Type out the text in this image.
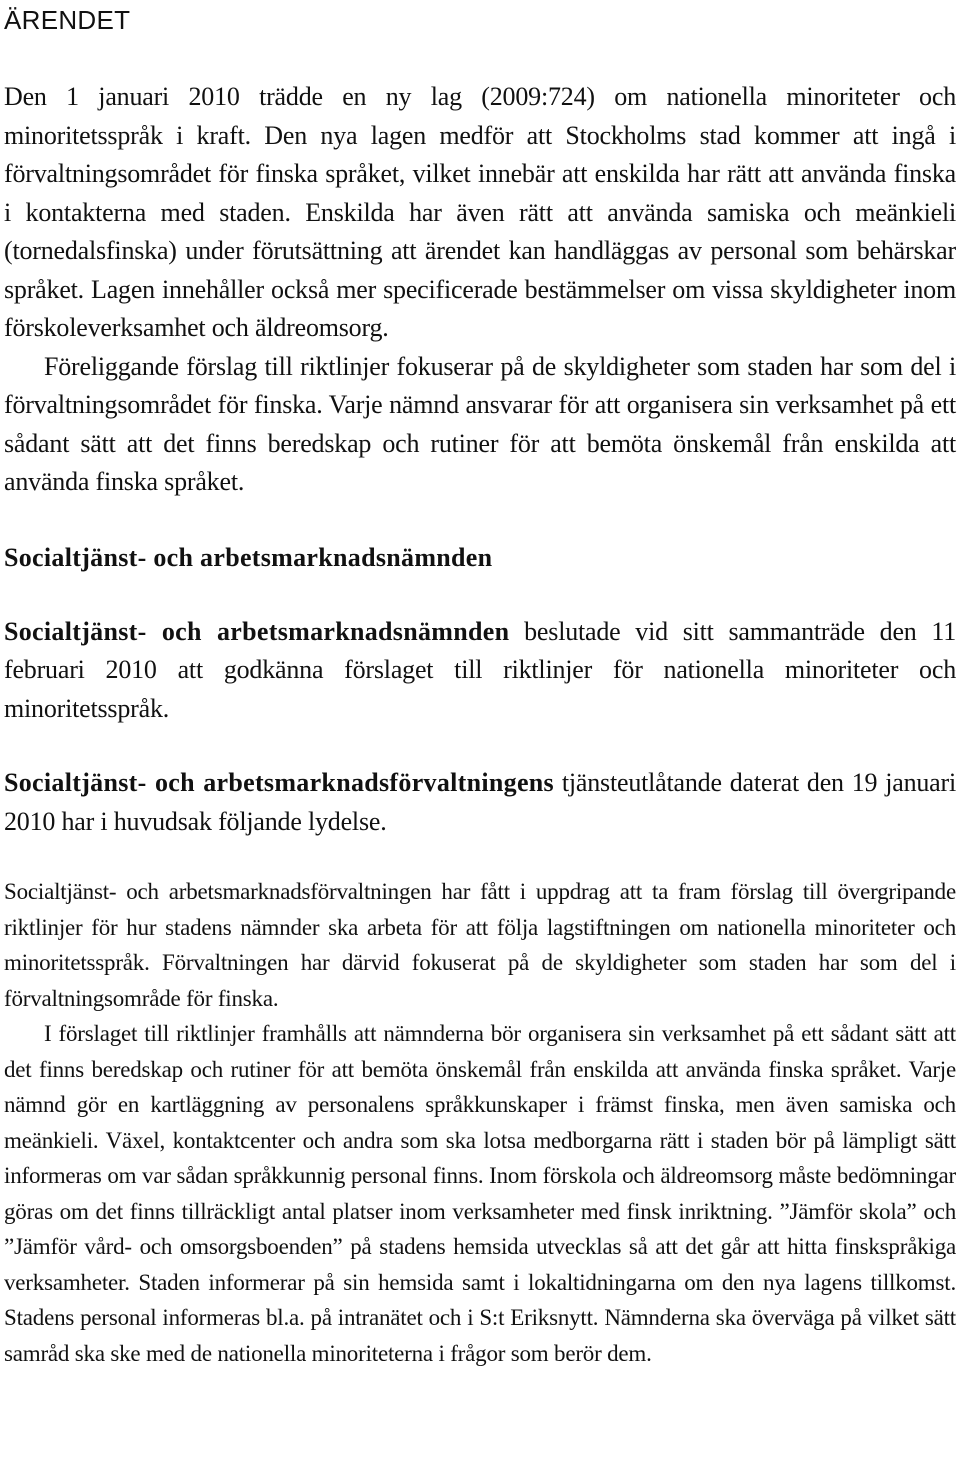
ÄRENDET

Den 1 januari 2010 trädde en ny lag (2009:724) om nationella minoriteter och minoritetsspråk i kraft. Den nya lagen medför att Stockholms stad kommer att ingå i förvaltningsområdet för finska språket, vilket innebär att enskilda har rätt att använda finska i kontakterna med staden. Enskilda har även rätt att använda samiska och meänkieli (tornedalsfinska) under förutsättning att ärendet kan handläggas av personal som behärskar språket. Lagen innehåller också mer specificerade bestämmelser om vissa skyldigheter inom förskoleverksamhet och äldreomsorg.

Föreliggande förslag till riktlinjer fokuserar på de skyldigheter som staden har som del i förvaltningsområdet för finska. Varje nämnd ansvarar för att organisera sin verksamhet på ett sådant sätt att det finns beredskap och rutiner för att bemöta önskemål från enskilda att använda finska språket.

Socialtjänst- och arbetsmarknadsnämnden

Socialtjänst- och arbetsmarknadsnämnden beslutade vid sitt sammanträde den 11 februari 2010 att godkänna förslaget till riktlinjer för nationella minoriteter och minoritetsspråk.

Socialtjänst- och arbetsmarknadsförvaltningens tjänsteutlåtande daterat den 19 januari 2010 har i huvudsak följande lydelse.

Socialtjänst- och arbetsmarknadsförvaltningen har fått i uppdrag att ta fram förslag till övergripande riktlinjer för hur stadens nämnder ska arbeta för att följa lagstiftningen om nationella minoriteter och minoritetsspråk. Förvaltningen har därvid fokuserat på de skyldigheter som staden har som del i förvaltningsområde för finska.

I förslaget till riktlinjer framhålls att nämnderna bör organisera sin verksamhet på ett sådant sätt att det finns beredskap och rutiner för att bemöta önskemål från enskilda att använda finska språket. Varje nämnd gör en kartläggning av personalens språkkunskaper i främst finska, men även samiska och meänkieli. Växel, kontaktcenter och andra som ska lotsa medborgarna rätt i staden bör på lämpligt sätt informeras om var sådan språkkunnig personal finns. Inom förskola och äldreomsorg måste bedömningar göras om det finns tillräckligt antal platser inom verksamheter med finsk inriktning. ”Jämför skola” och ”Jämför vård- och omsorgsboenden” på stadens hemsida utvecklas så att det går att hitta finskspråkiga verksamheter. Staden informerar på sin hemsida samt i lokaltidningarna om den nya lagens tillkomst. Stadens personal informeras bl.a. på intranätet och i S:t Eriksnytt. Nämnderna ska överväga på vilket sätt samråd ska ske med de nationella minoriteterna i frågor som berör dem.
